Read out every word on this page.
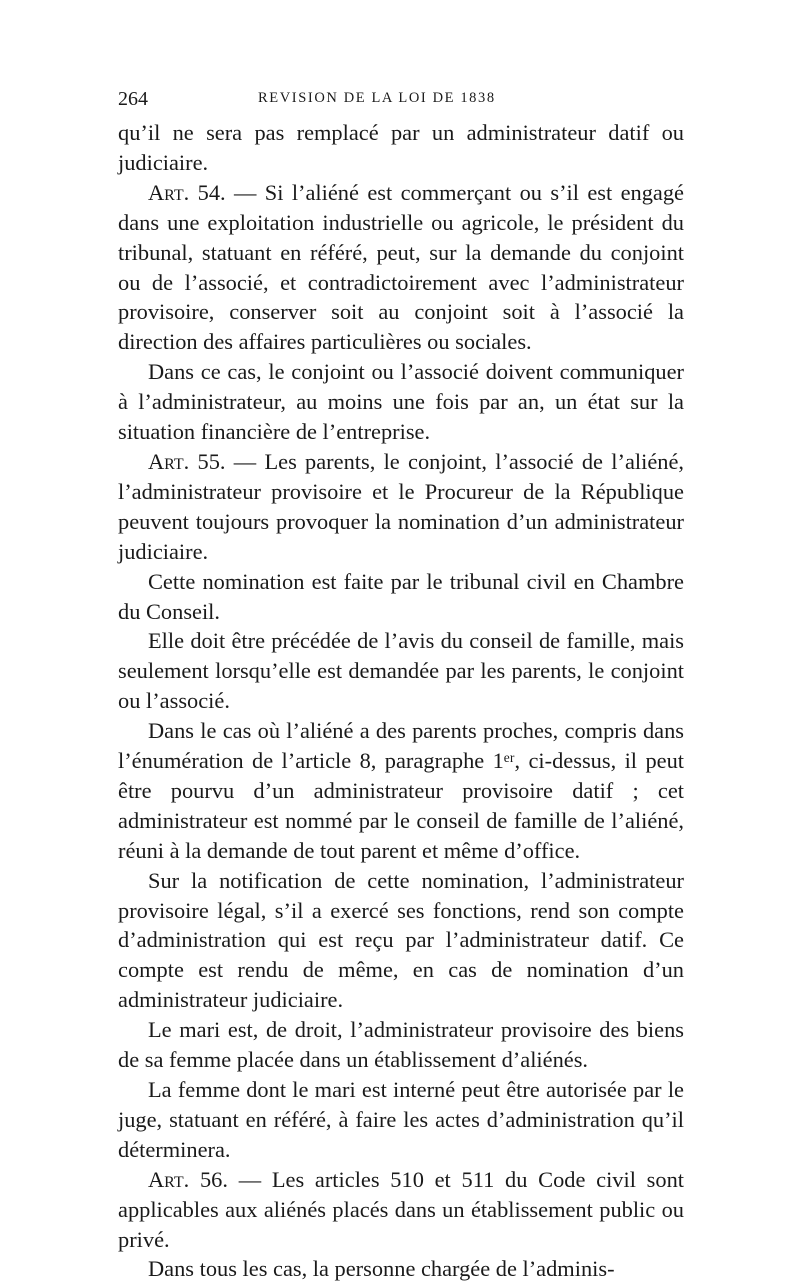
264	REVISION DE LA LOI DE 1838

qu’il ne sera pas remplacé par un administrateur datif ou judiciaire.

Art. 54. — Si l’aliéné est commerçant ou s’il est engagé dans une exploitation industrielle ou agricole, le président du tribunal, statuant en référé, peut, sur la demande du conjoint ou de l’associé, et contradictoirement avec l’administrateur provisoire, conserver soit au conjoint soit à l’associé la direction des affaires particulières ou sociales.

Dans ce cas, le conjoint ou l’associé doivent communiquer à l’administrateur, au moins une fois par an, un état sur la situation financière de l’entreprise.

Art. 55. — Les parents, le conjoint, l’associé de l’aliéné, l’administrateur provisoire et le Procureur de la République peuvent toujours provoquer la nomination d’un administrateur judiciaire.

Cette nomination est faite par le tribunal civil en Chambre du Conseil.

Elle doit être précédée de l’avis du conseil de famille, mais seulement lorsqu’elle est demandée par les parents, le conjoint ou l’associé.

Dans le cas où l’aliéné a des parents proches, compris dans l’énumération de l’article 8, paragraphe 1ᵉʳ, ci-dessus, il peut être pourvu d’un administrateur provisoire datif ; cet administrateur est nommé par le conseil de famille de l’aliéné, réuni à la demande de tout parent et même d’office.

Sur la notification de cette nomination, l’administrateur provisoire légal, s’il a exercé ses fonctions, rend son compte d’administration qui est reçu par l’administrateur datif. Ce compte est rendu de même, en cas de nomination d’un administrateur judiciaire.

Le mari est, de droit, l’administrateur provisoire des biens de sa femme placée dans un établissement d’aliénés.

La femme dont le mari est interné peut être autorisée par le juge, statuant en référé, à faire les actes d’administration qu’il déterminera.

Art. 56. — Les articles 510 et 511 du Code civil sont applicables aux aliénés placés dans un établissement public ou privé.

Dans tous les cas, la personne chargée de l’adminis-
